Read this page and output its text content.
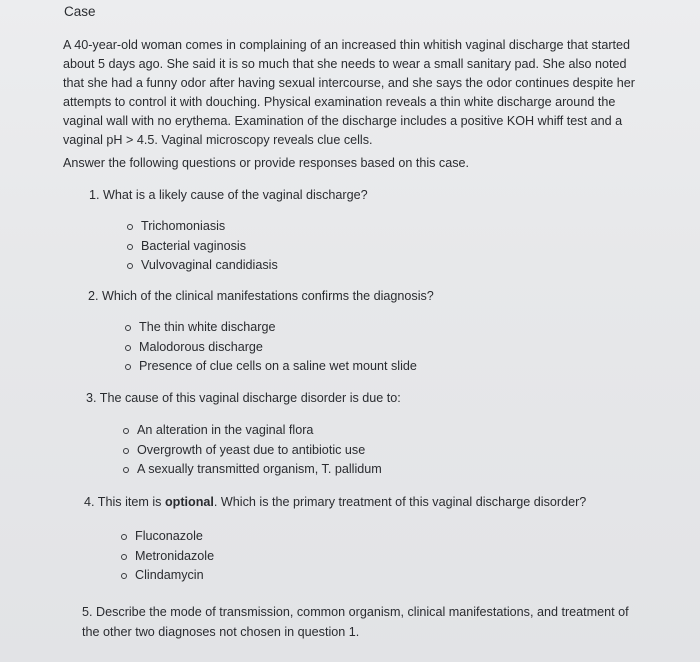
Case
A 40-year-old woman comes in complaining of an increased thin whitish vaginal discharge that started about 5 days ago. She said it is so much that she needs to wear a small sanitary pad. She also noted that she had a funny odor after having sexual intercourse, and she says the odor continues despite her attempts to control it with douching. Physical examination reveals a thin white discharge around the vaginal wall with no erythema. Examination of the discharge includes a positive KOH whiff test and a vaginal pH > 4.5. Vaginal microscopy reveals clue cells.
Answer the following questions or provide responses based on this case.
1. What is a likely cause of the vaginal discharge?
Trichomoniasis
Bacterial vaginosis
Vulvovaginal candidiasis
2. Which of the clinical manifestations confirms the diagnosis?
The thin white discharge
Malodorous discharge
Presence of clue cells on a saline wet mount slide
3. The cause of this vaginal discharge disorder is due to:
An alteration in the vaginal flora
Overgrowth of yeast due to antibiotic use
A sexually transmitted organism, T. pallidum
4. This item is optional. Which is the primary treatment of this vaginal discharge disorder?
Fluconazole
Metronidazole
Clindamycin
5. Describe the mode of transmission, common organism, clinical manifestations, and treatment of the other two diagnoses not chosen in question 1.
